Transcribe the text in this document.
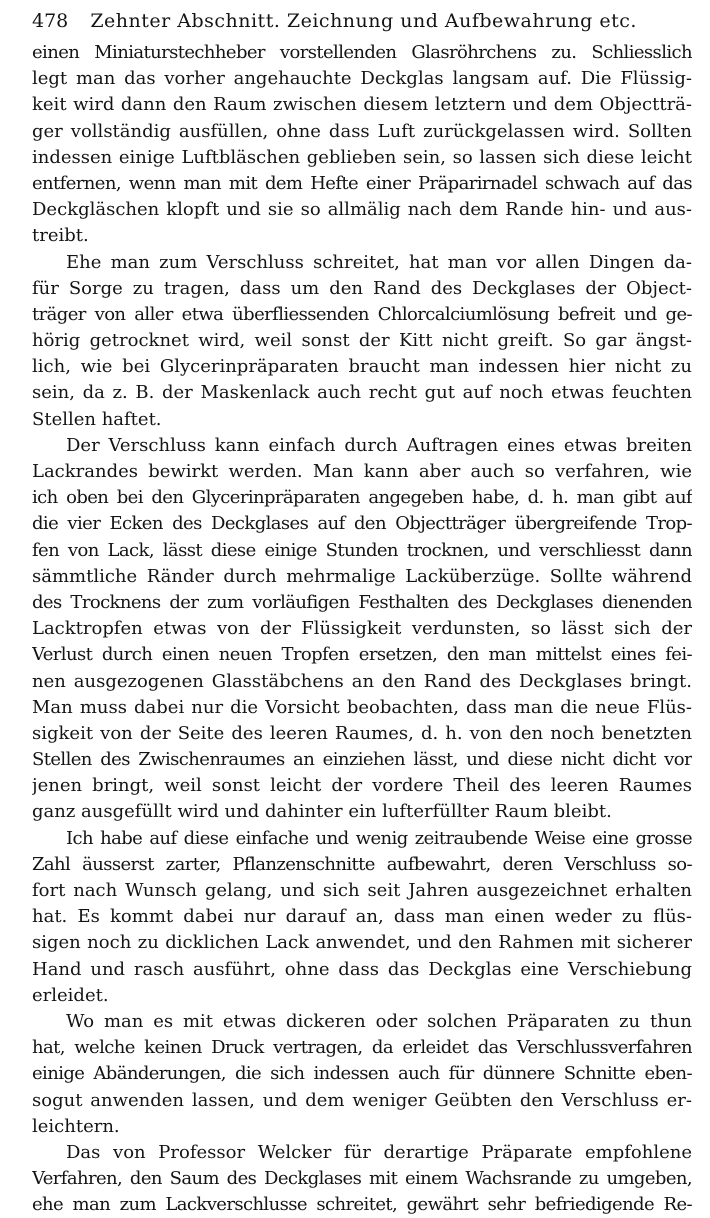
478 Zehnter Abschnitt. Zeichnung und Aufbewahrung etc.
einen Miniaturstechheber vorstellenden Glasröhrchens zu. Schliesslich
legt man das vorher angehauchte Deckglas langsam auf. Die Flüssig-
keit wird dann den Raum zwischen diesem letztern und dem Objectträ-
ger vollständig ausfüllen, ohne dass Luft zurückgelassen wird. Sollten
indessen einige Luftbläschen geblieben sein, so lassen sich diese leicht
entfernen, wenn man mit dem Hefte einer Präparirnadel schwach auf das
Deckgläschen klopft und sie so allmälig nach dem Rande hin- und aus-
treibt.
Ehe man zum Verschluss schreitet, hat man vor allen Dingen da-
für Sorge zu tragen, dass um den Rand des Deckglases der Object-
träger von aller etwa überfliessenden Chlorcalciumlösung befreit und ge-
hörig getrocknet wird, weil sonst der Kitt nicht greift. So gar ängst-
lich, wie bei Glycerinpräparaten braucht man indessen hier nicht zu
sein, da z. B. der Maskenlack auch recht gut auf noch etwas feuchten
Stellen haftet.
Der Verschluss kann einfach durch Auftragen eines etwas breiten
Lackrandes bewirkt werden. Man kann aber auch so verfahren, wie
ich oben bei den Glycerinpräparaten angegeben habe, d. h. man gibt auf
die vier Ecken des Deckglases auf den Objectträger übergreifende Trop-
fen von Lack, lässt diese einige Stunden trocknen, und verschliesst dann
sämmtliche Ränder durch mehrmalige Lacküberzüge. Sollte während
des Trocknens der zum vorläufigen Festhalten des Deckglases dienenden
Lacktropfen etwas von der Flüssigkeit verdunsten, so lässt sich der
Verlust durch einen neuen Tropfen ersetzen, den man mittelst eines fei-
nen ausgezogenen Glasstäbchens an den Rand des Deckglases bringt.
Man muss dabei nur die Vorsicht beobachten, dass man die neue Flüs-
sigkeit von der Seite des leeren Raumes, d. h. von den noch benetzten
Stellen des Zwischenraumes an einziehen lässt, und diese nicht dicht vor
jenen bringt, weil sonst leicht der vordere Theil des leeren Raumes
ganz ausgefüllt wird und dahinter ein lufterfüllter Raum bleibt.
Ich habe auf diese einfache und wenig zeitraubende Weise eine grosse
Zahl äusserst zarter, Pflanzenschnitte aufbewahrt, deren Verschluss so-
fort nach Wunsch gelang, und sich seit Jahren ausgezeichnet erhalten
hat. Es kommt dabei nur darauf an, dass man einen weder zu flüs-
sigen noch zu dicklichen Lack anwendet, und den Rahmen mit sicherer
Hand und rasch ausführt, ohne dass das Deckglas eine Verschiebung
erleidet.
Wo man es mit etwas dickeren oder solchen Präparaten zu thun
hat, welche keinen Druck vertragen, da erleidet das Verschlussverfahren
einige Abänderungen, die sich indessen auch für dünnere Schnitte eben-
sogut anwenden lassen, und dem weniger Geübten den Verschluss er-
leichtern.
Das von Professor Welcker für derartige Präparate empfohlene
Verfahren, den Saum des Deckglases mit einem Wachsrande zu umgeben,
ehe man zum Lackverschlusse schreitet, gewährt sehr befriedigende Re-
